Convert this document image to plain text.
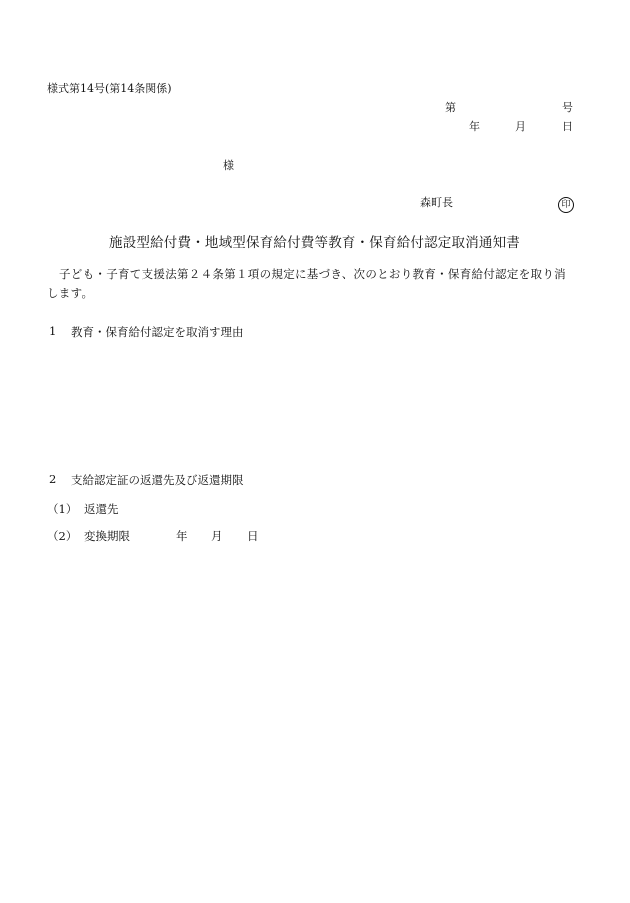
様式第14号(第14条関係)
第	号
年	月	日
様
森町長	印
施設型給付費・地域型保育給付費等教育・保育給付認定取消通知書
子ども・子育て支援法第２４条第１項の規定に基づき、次のとおり教育・保育給付認定を取り消します。
1 教育・保育給付認定を取消す理由
2 支給認定証の返還先及び返還期限
（1） 返還先
（2） 変換期限	年 月 日
